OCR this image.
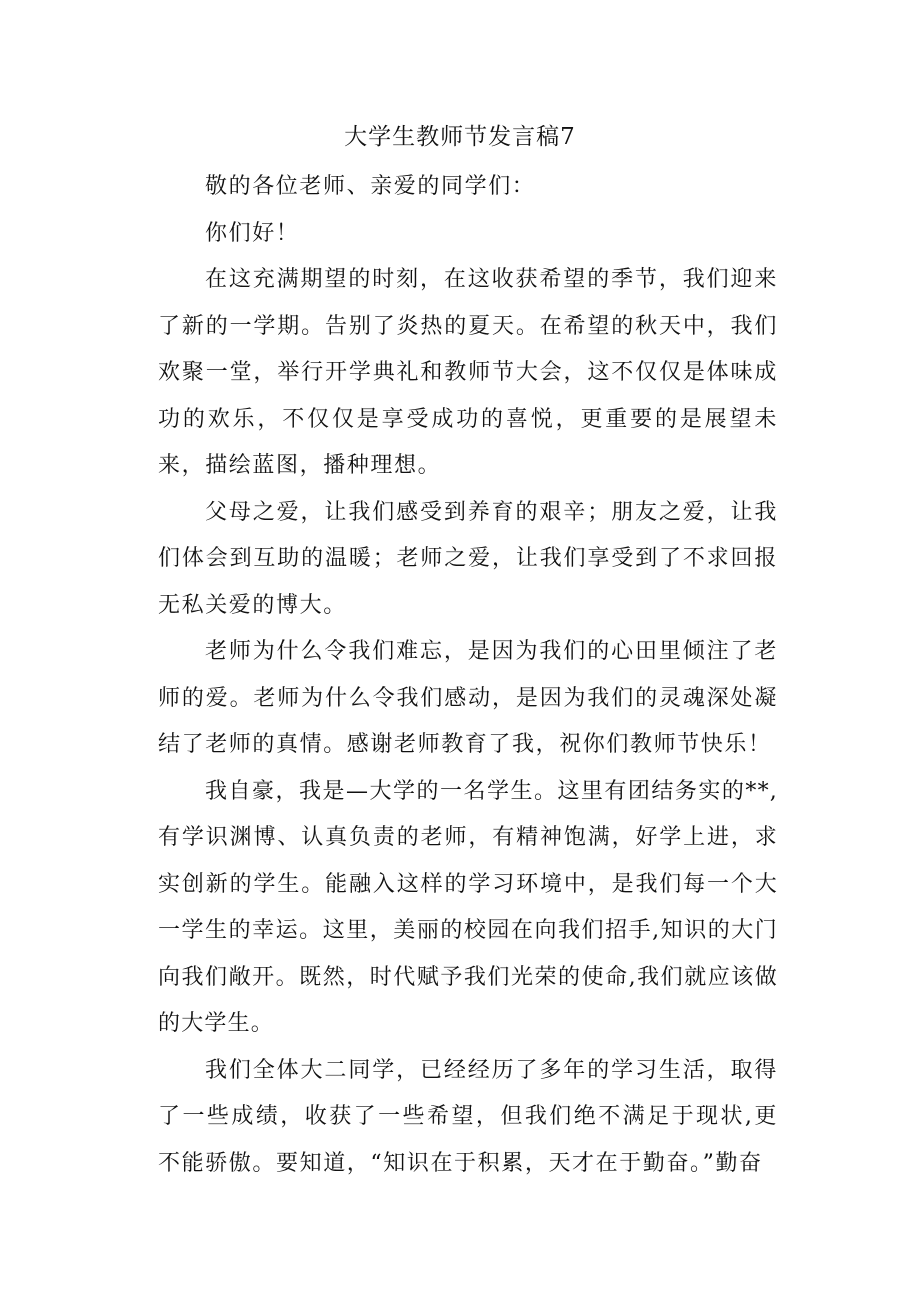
大学生教师节发言稿7

敬的各位老师、亲爱的同学们：

你们好！

在这充满期望的时刻，在这收获希望的季节，我们迎来了新的一学期。告别了炎热的夏天。在希望的秋天中，我们欢聚一堂，举行开学典礼和教师节大会，这不仅仅是体味成功的欢乐，不仅仅是享受成功的喜悦，更重要的是展望未来，描绘蓝图，播种理想。

父母之爱，让我们感受到养育的艰辛；朋友之爱，让我们体会到互助的温暖；老师之爱，让我们享受到了不求回报无私关爱的博大。

老师为什么令我们难忘，是因为我们的心田里倾注了老师的爱。老师为什么令我们感动，是因为我们的灵魂深处凝结了老师的真情。感谢老师教育了我，祝你们教师节快乐！

我自豪，我是—大学的一名学生。这里有团结务实的**,有学识渊博、认真负责的老师，有精神饱满，好学上进，求实创新的学生。能融入这样的学习环境中，是我们每一个大一学生的幸运。这里，美丽的校园在向我们招手,知识的大门向我们敞开。既然，时代赋予我们光荣的使命,我们就应该做的大学生。

我们全体大二同学，已经经历了多年的学习生活，取得了一些成绩，收获了一些希望，但我们绝不满足于现状,更不能骄傲。要知道，“知识在于积累，天才在于勤奋。”勤奋
